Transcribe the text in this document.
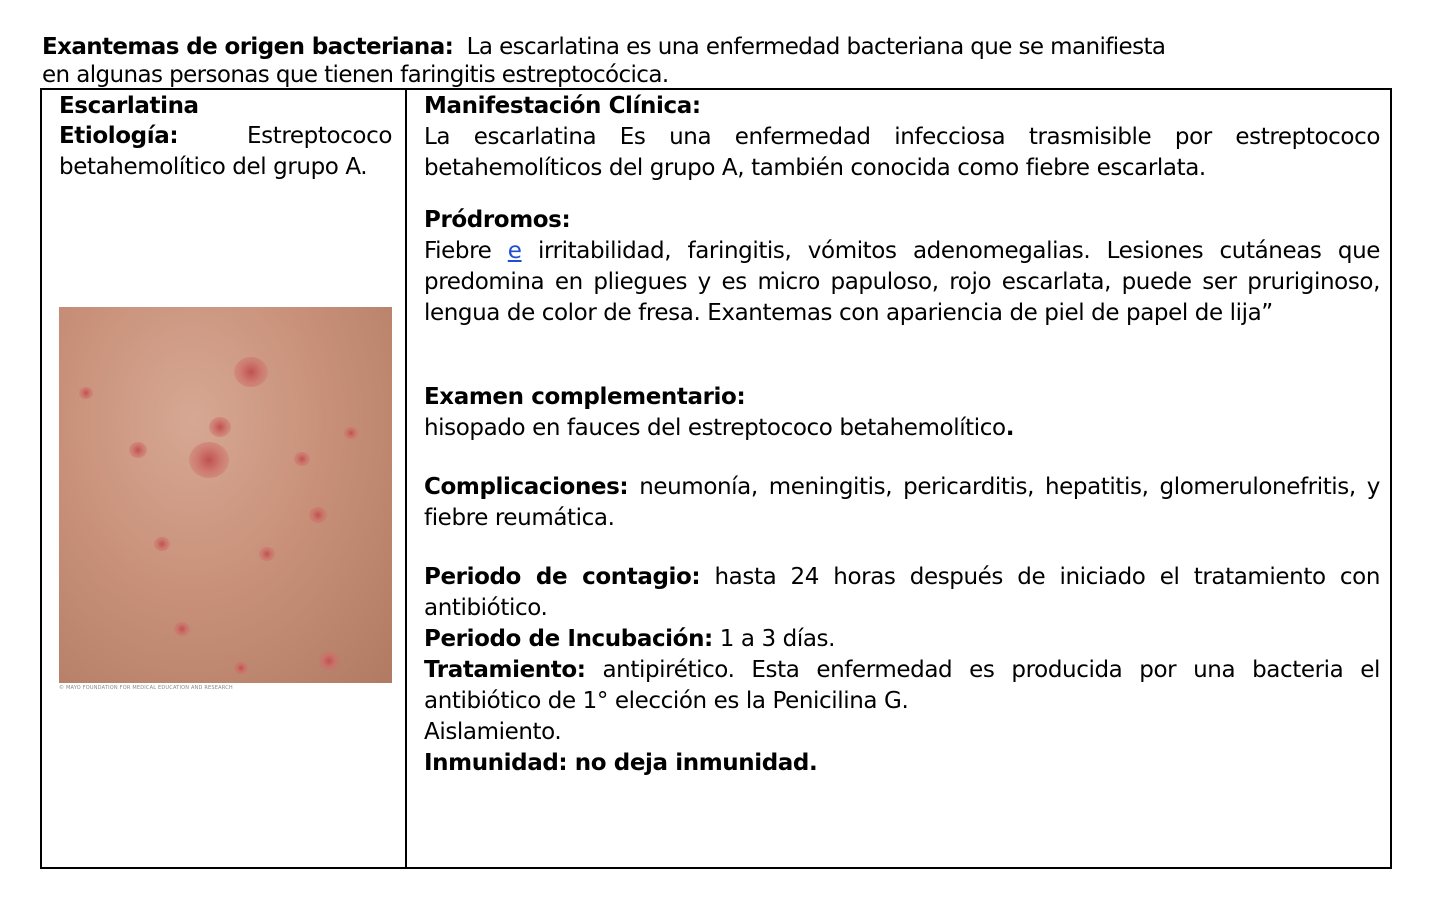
Exantemas de origen bacteriana: La escarlatina es una enfermedad bacteriana que se manifiesta
en algunas personas que tienen faringitis estreptocócica.
Escarlatina
Etiología:	Estreptococo betahemolítico del grupo A.
© MAYO FOUNDATION FOR MEDICAL EDUCATION AND RESEARCH

Manifestación Clínica:

La escarlatina Es una enfermedad infecciosa trasmisible por estreptococo betahemolíticos del grupo A, también conocida como fiebre escarlata.

Pródromos:

Fiebre e irritabilidad, faringitis, vómitos adenomegalias. Lesiones cutáneas que predomina en pliegues y es micro papuloso, rojo escarlata, puede ser pruriginoso, lengua de color de fresa. Exantemas con apariencia de piel de papel de lija”

Examen complementario:

hisopado en fauces del estreptococo betahemolítico.

Complicaciones: neumonía, meningitis, pericarditis, hepatitis, glomerulonefritis, y fiebre reumática.

Periodo de contagio: hasta 24 horas después de iniciado el tratamiento con antibiótico.

Periodo de Incubación: 1 a 3 días.

Tratamiento: antipirético. Esta enfermedad es producida por una bacteria el antibiótico de 1° elección es la Penicilina G.

Aislamiento.

Inmunidad: no deja inmunidad.
